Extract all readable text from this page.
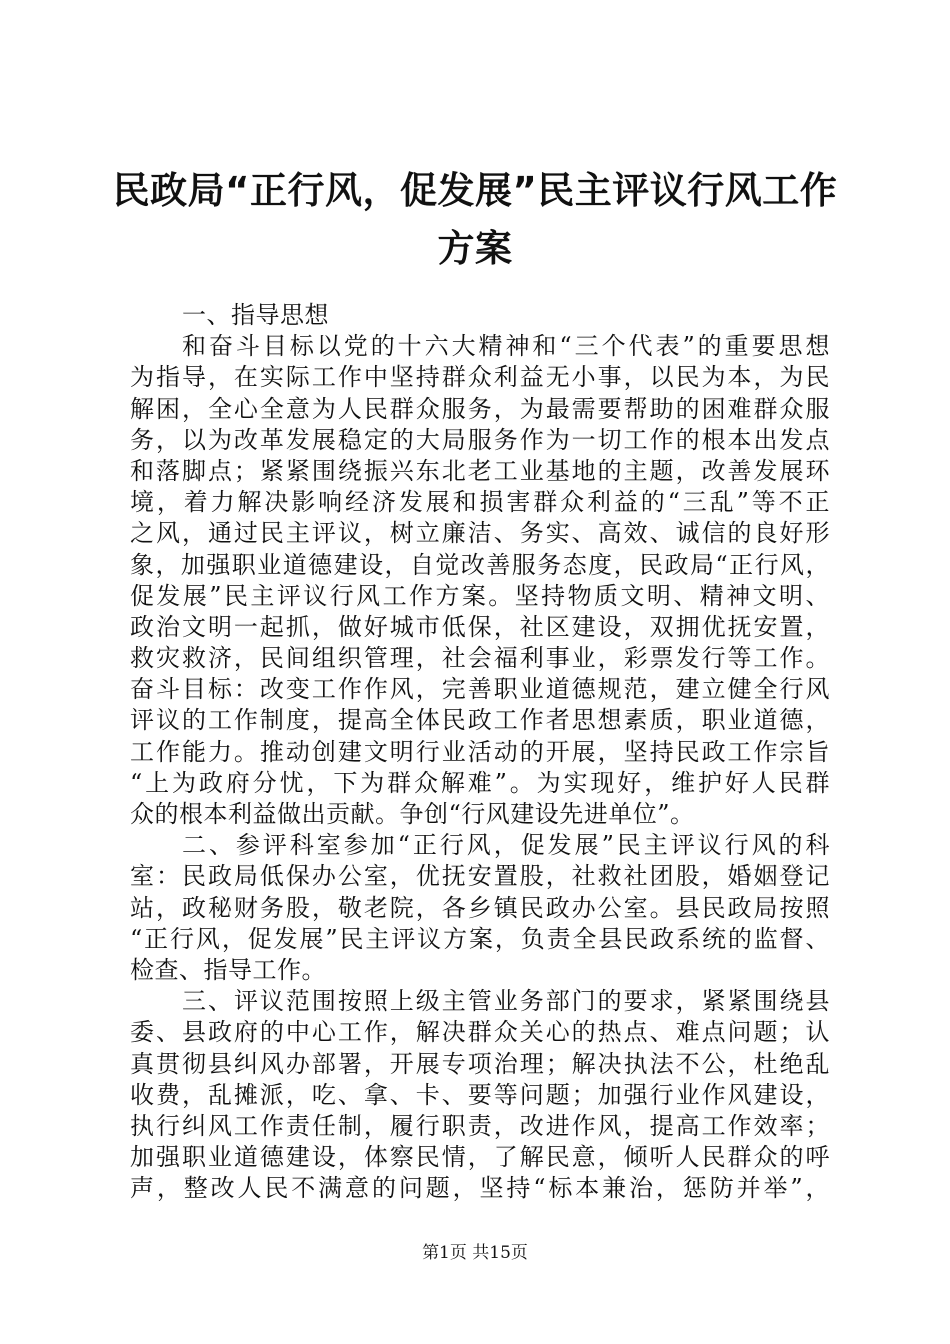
民政局“正行风，促发展”民主评议行风工作
方案
一、指导思想
和奋斗目标以党的十六大精神和“三个代表”的重要思想
为指导，在实际工作中坚持群众利益无小事，以民为本，为民
解困，全心全意为人民群众服务，为最需要帮助的困难群众服
务，以为改革发展稳定的大局服务作为一切工作的根本出发点
和落脚点；紧紧围绕振兴东北老工业基地的主题，改善发展环
境，着力解决影响经济发展和损害群众利益的“三乱”等不正
之风，通过民主评议，树立廉洁、务实、高效、诚信的良好形
象，加强职业道德建设，自觉改善服务态度，民政局“正行风，
促发展”民主评议行风工作方案。坚持物质文明、精神文明、
政治文明一起抓，做好城市低保，社区建设，双拥优抚安置，
救灾救济，民间组织管理，社会福利事业，彩票发行等工作。
奋斗目标：改变工作作风，完善职业道德规范，建立健全行风
评议的工作制度，提高全体民政工作者思想素质，职业道德，
工作能力。推动创建文明行业活动的开展，坚持民政工作宗旨
“上为政府分忧，下为群众解难”。为实现好，维护好人民群
众的根本利益做出贡献。争创“行风建设先进单位”。
二、参评科室参加“正行风，促发展”民主评议行风的科
室：民政局低保办公室，优抚安置股，社救社团股，婚姻登记
站，政秘财务股，敬老院，各乡镇民政办公室。县民政局按照
“正行风，促发展”民主评议方案，负责全县民政系统的监督、
检查、指导工作。
三、评议范围按照上级主管业务部门的要求，紧紧围绕县
委、县政府的中心工作，解决群众关心的热点、难点问题；认
真贯彻县纠风办部署，开展专项治理；解决执法不公，杜绝乱
收费，乱摊派，吃、拿、卡、要等问题；加强行业作风建设，
执行纠风工作责任制，履行职责，改进作风，提高工作效率；
加强职业道德建设，体察民情，了解民意，倾听人民群众的呼
声，整改人民不满意的问题，坚持“标本兼治，惩防并举”，
第1页 共15页
